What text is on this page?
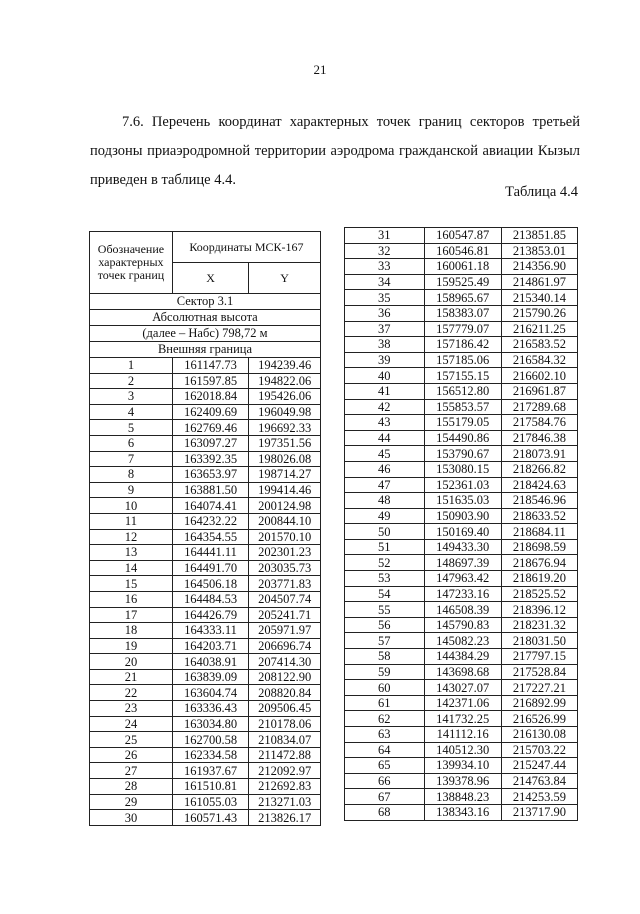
21
7.6. Перечень координат характерных точек границ секторов третьей подзоны приаэродромной территории аэродрома гражданской авиации Кызыл приведен в таблице 4.4.
Таблица 4.4
Обозначение характерных точек границ	Координаты МСК-167	
	X	Y
Сектор 3.1		
Абсолютная высота		
(далее – Набс) 798,72 м		
Внешняя граница		
1	161147.73	194239.46
2	161597.85	194822.06
3	162018.84	195426.06
4	162409.69	196049.98
5	162769.46	196692.33
6	163097.27	197351.56
7	163392.35	198026.08
8	163653.97	198714.27
9	163881.50	199414.46
10	164074.41	200124.98
11	164232.22	200844.10
12	164354.55	201570.10
13	164441.11	202301.23
14	164491.70	203035.73
15	164506.18	203771.83
16	164484.53	204507.74
17	164426.79	205241.71
18	164333.11	205971.97
19	164203.71	206696.74
20	164038.91	207414.30
21	163839.09	208122.90
22	163604.74	208820.84
23	163336.43	209506.45
24	163034.80	210178.06
25	162700.58	210834.07
26	162334.58	211472.88
27	161937.67	212092.97
28	161510.81	212692.83
29	161055.03	213271.03
30	160571.43	213826.17
31	160547.87	213851.85
32	160546.81	213853.01
33	160061.18	214356.90
34	159525.49	214861.97
35	158965.67	215340.14
36	158383.07	215790.26
37	157779.07	216211.25
38	157186.42	216583.52
39	157185.06	216584.32
40	157155.15	216602.10
41	156512.80	216961.87
42	155853.57	217289.68
43	155179.05	217584.76
44	154490.86	217846.38
45	153790.67	218073.91
46	153080.15	218266.82
47	152361.03	218424.63
48	151635.03	218546.96
49	150903.90	218633.52
50	150169.40	218684.11
51	149433.30	218698.59
52	148697.39	218676.94
53	147963.42	218619.20
54	147233.16	218525.52
55	146508.39	218396.12
56	145790.83	218231.32
57	145082.23	218031.50
58	144384.29	217797.15
59	143698.68	217528.84
60	143027.07	217227.21
61	142371.06	216892.99
62	141732.25	216526.99
63	141112.16	216130.08
64	140512.30	215703.22
65	139934.10	215247.44
66	139378.96	214763.84
67	138848.23	214253.59
68	138343.16	213717.90
